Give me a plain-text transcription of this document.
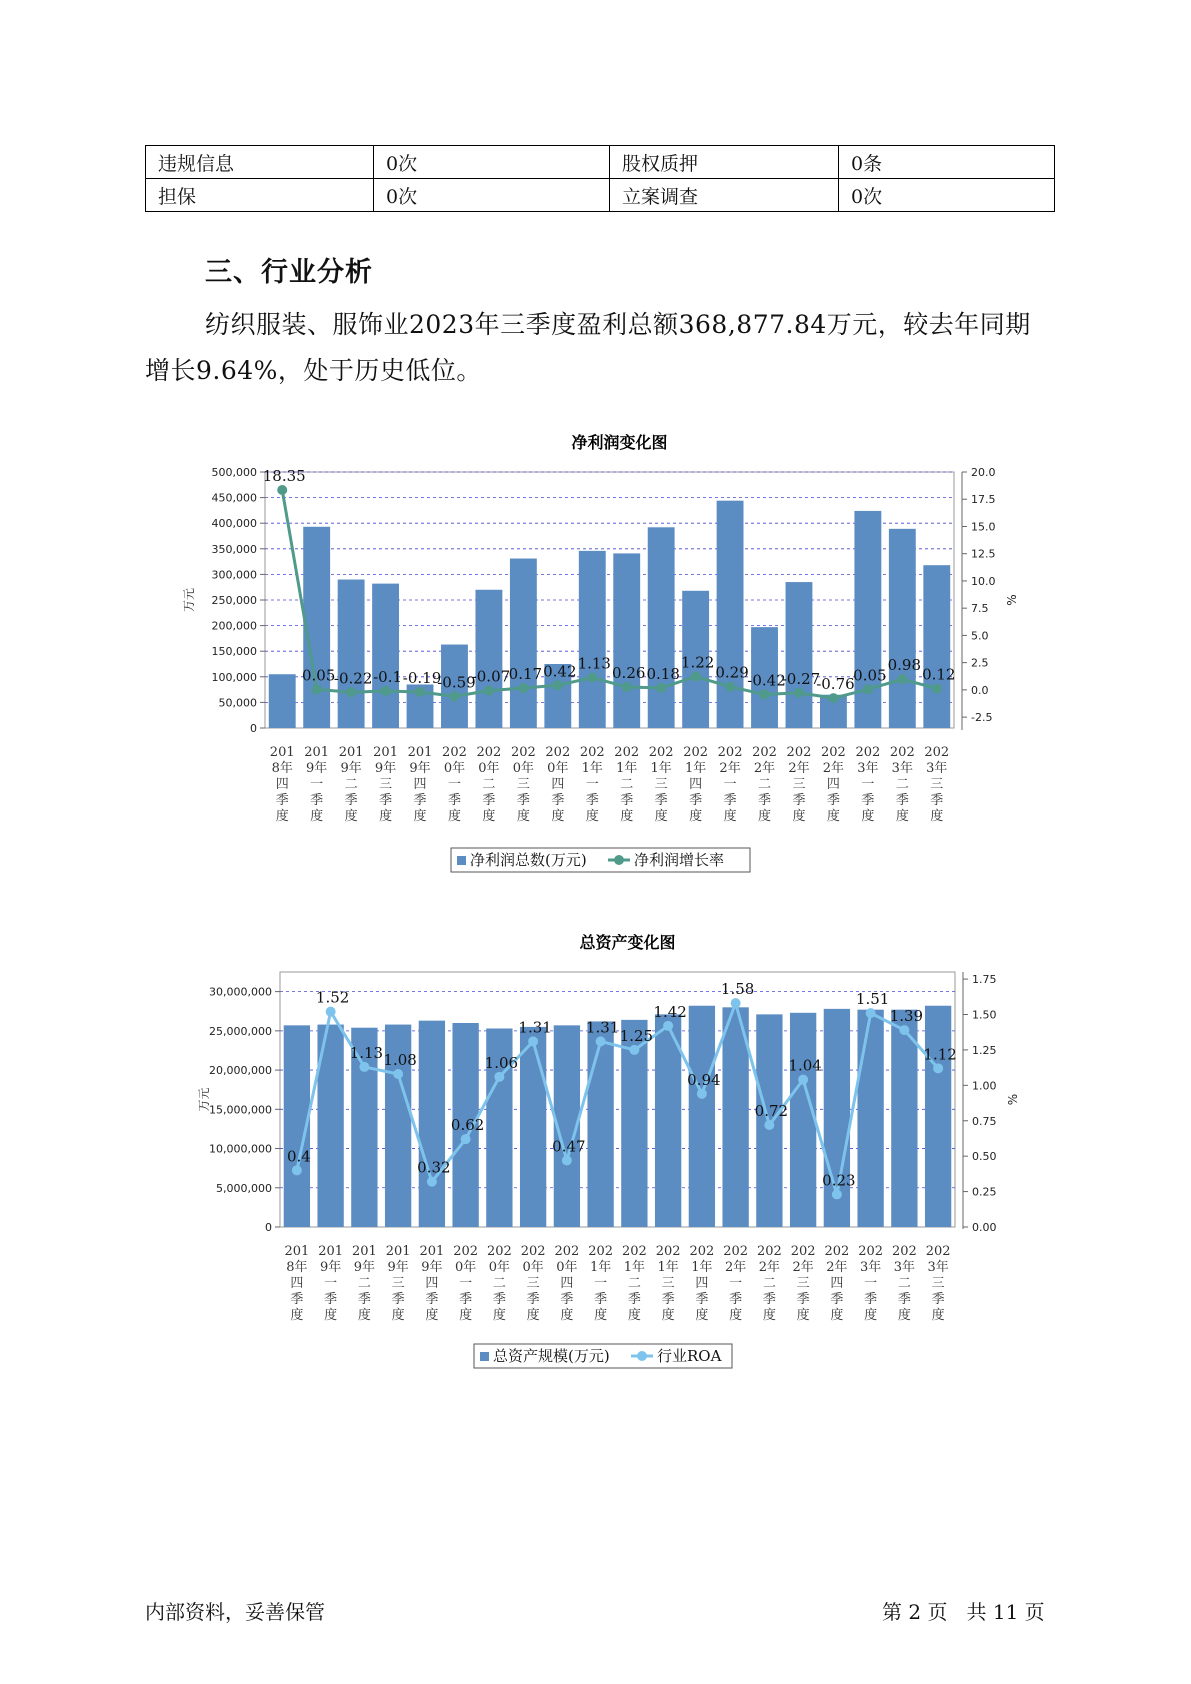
违规信息	0次	股权质押	0条
担保	0次	立案调查	0次
三、行业分析

纺织服装、服饰业2023年三季度盈利总额368,877.84万元，较去年同期增长9.64%，处于历史低位。

净利润变化图
500,000
450,000
400,000
350,000
300,000
250,000
200,000
150,000
100,000
50,000
0
20.0
17.5
15.0
12.5
10.0
7.5
5.0
2.5
0.0
-2.5
万元	%
201
8年
四
季
度
201
9年
一
季
度
201
9年
二
季
度
201
9年
三
季
度
201
9年
四
季
度
202
0年
一
季
度
202
0年
二
季
度
202
0年
三
季
度
202
0年
四
季
度
202
1年
一
季
度
202
1年
二
季
度
202
1年
三
季
度
202
1年
四
季
度
202
2年
一
季
度
202
2年
二
季
度
202
2年
三
季
度
202
2年
四
季
度
202
3年
一
季
度
202
3年
二
季
度
202
3年
三
季
度
18.35
0.05
-0.22 -0.1 -0.19
-0.59
-0.07
0.17 0.42 1.13
0.26 0.18
1.22
0.29
-0.42
-0.27
-0.76
0.05
0.98
0.12
净利润总数(万元)	净利润增长率
总资产变化图
30,000,000
25,000,000
20,000,000
15,000,000
10,000,000
5,000,000
0
1.75
1.50
1.25
1.00
0.75
0.50
0.25
0.00
万元	%
201
8年
四
季
度
201
9年
一
季
度
201
9年
二
季
度
201
9年
三
季
度
201
9年
四
季
度
202
0年
一
季
度
202
0年
二
季
度
202
0年
三
季
度
202
0年
四
季
度
202
1年
一
季
度
202
1年
二
季
度
202
1年
三
季
度
202
1年
四
季
度
202
2年
一
季
度
202
2年
二
季
度
202
2年
三
季
度
202
2年
四
季
度
202
3年
一
季
度
202
3年
二
季
度
202
3年
三
季
度
0.4
1.52
1.13 1.08
0.32
0.62
1.06
1.31
0.47
1.31 1.25
1.42
0.94
1.58
0.72
1.04
0.23
1.51
1.39
1.12
总资产规模(万元)	行业ROA
内部资料，妥善保管	第 2 页   共 11 页
